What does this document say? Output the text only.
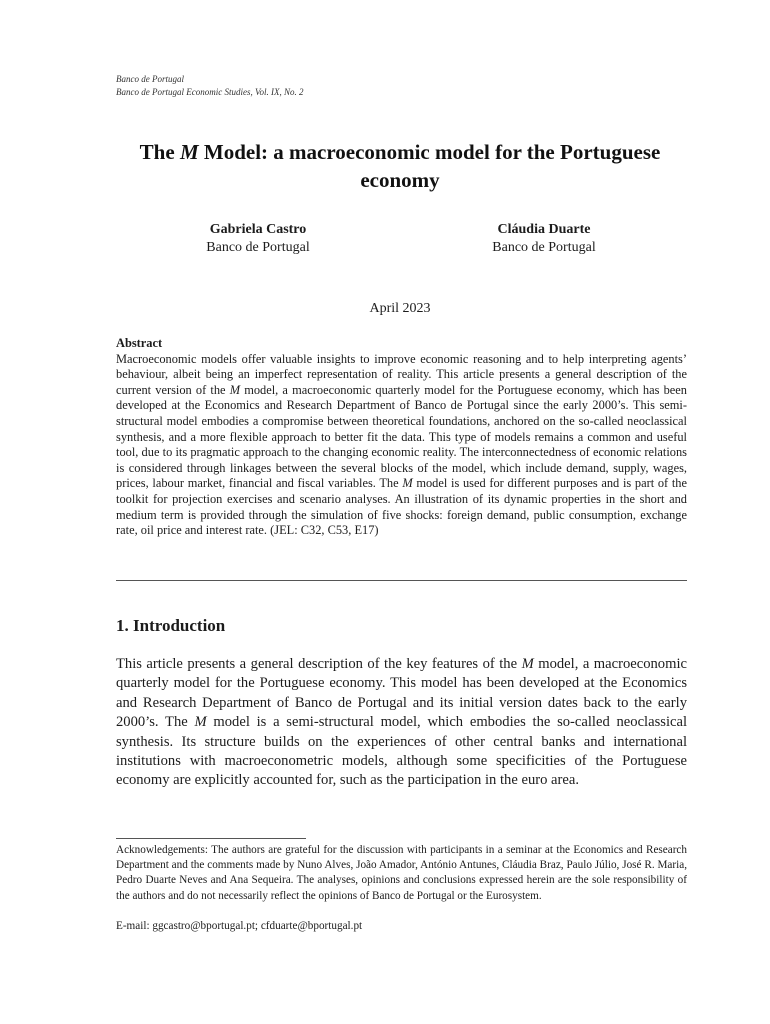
Banco de Portugal
Banco de Portugal Economic Studies, Vol. IX, No. 2
The M Model: a macroeconomic model for the Portuguese economy
Gabriela Castro
Banco de Portugal
Cláudia Duarte
Banco de Portugal
April 2023
Abstract
Macroeconomic models offer valuable insights to improve economic reasoning and to help interpreting agents’ behaviour, albeit being an imperfect representation of reality. This article presents a general description of the current version of the M model, a macroeconomic quarterly model for the Portuguese economy, which has been developed at the Economics and Research Department of Banco de Portugal since the early 2000’s. This semi-structural model embodies a compromise between theoretical foundations, anchored on the so-called neoclassical synthesis, and a more flexible approach to better fit the data. This type of models remains a common and useful tool, due to its pragmatic approach to the changing economic reality. The interconnectedness of economic relations is considered through linkages between the several blocks of the model, which include demand, supply, wages, prices, labour market, financial and fiscal variables. The M model is used for different purposes and is part of the toolkit for projection exercises and scenario analyses. An illustration of its dynamic properties in the short and medium term is provided through the simulation of five shocks: foreign demand, public consumption, exchange rate, oil price and interest rate. (JEL: C32, C53, E17)
1. Introduction
This article presents a general description of the key features of the M model, a macroeconomic quarterly model for the Portuguese economy. This model has been developed at the Economics and Research Department of Banco de Portugal and its initial version dates back to the early 2000’s. The M model is a semi-structural model, which embodies the so-called neoclassical synthesis. Its structure builds on the experiences of other central banks and international institutions with macroeconometric models, although some specificities of the Portuguese economy are explicitly accounted for, such as the participation in the euro area.
Acknowledgements: The authors are grateful for the discussion with participants in a seminar at the Economics and Research Department and the comments made by Nuno Alves, João Amador, António Antunes, Cláudia Braz, Paulo Júlio, José R. Maria, Pedro Duarte Neves and Ana Sequeira. The analyses, opinions and conclusions expressed herein are the sole responsibility of the authors and do not necessarily reflect the opinions of Banco de Portugal or the Eurosystem.
E-mail: ggcastro@bportugal.pt; cfduarte@bportugal.pt
